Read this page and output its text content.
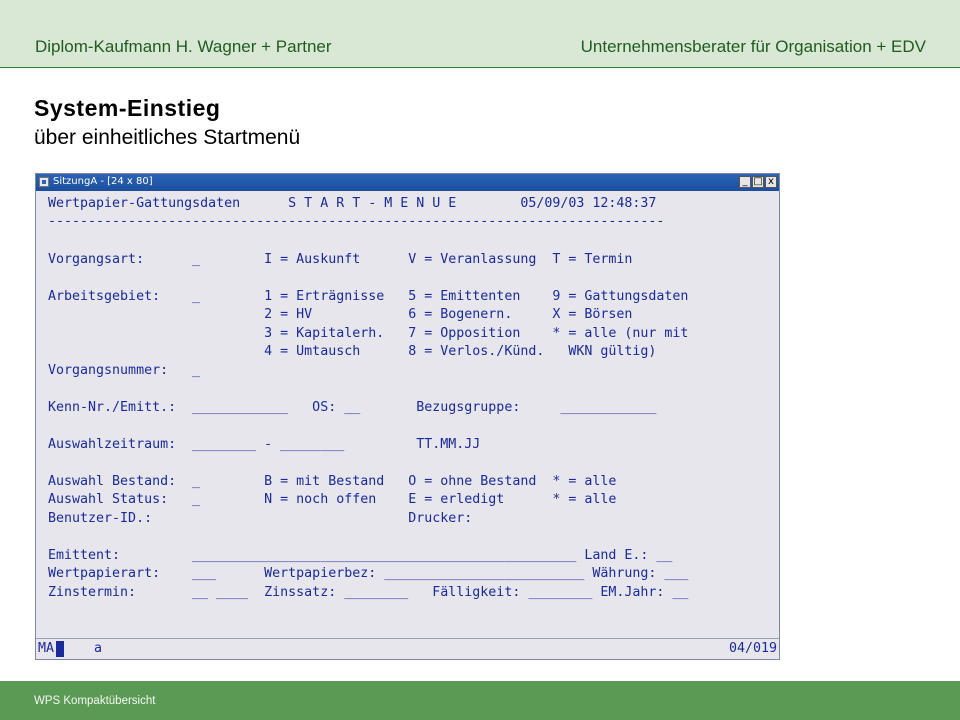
Diplom-Kaufmann H. Wagner + Partner	Unternehmensberater für Organisation + EDV
System-Einstieg
über einheitliches Startmenü
SitzungA - [24 x 80]	_ □ x
Wertpapier-Gattungsdaten      S T A R T - M E N U E        05/09/03 12:48:37
-----------------------------------------------------------------------------
Vorgangsart:      _        I = Auskunft      V = Veranlassung  T = Termin
Arbeitsgebiet:    _        1 = Erträgnisse   5 = Emittenten    9 = Gattungsdaten
2 = HV            6 = Bogenern.     X = Börsen
3 = Kapitalerh.   7 = Opposition    * = alle (nur mit
4 = Umtausch      8 = Verlos./Künd.   WKN gültig)
Vorgangsnummer:   _
Kenn-Nr./Emitt.:  ____________   OS: __       Bezugsgruppe:     ____________
Auswahlzeitraum:  ________ - ________         TT.MM.JJ
Auswahl Bestand:  _        B = mit Bestand   O = ohne Bestand  * = alle
Auswahl Status:   _        N = noch offen    E = erledigt      * = alle
Benutzer-ID.:                                Drucker:
Emittent:         ________________________________________________ Land E.: __
Wertpapierart:    ___      Wertpapierbez: _________________________ Währung: ___
Zinstermin:       __ ____  Zinssatz: ________   Fälligkeit: ________ EM.Jahr: __
MA	a	04/019
WPS Kompaktübersicht
